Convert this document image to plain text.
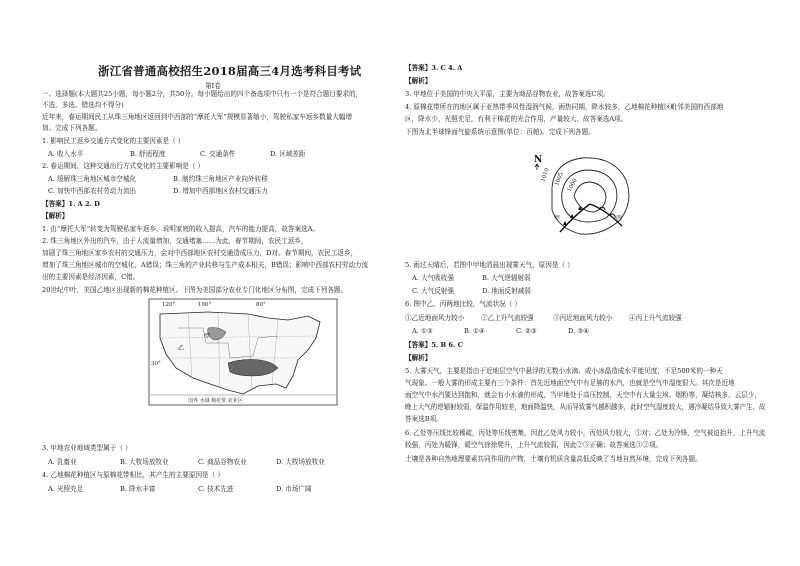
浙江省普通高校招生2018届高三4月选考科目考试
第Ⅰ卷
一、选择题(本大题共25小题，每小题2分，共50分。每小题给出的四个备选项中只有一个是符合题目要求的，
不选、多选、错选均不得分)
近年来，春运期间民工从珠三角地区返回到中西部的“摩托大军”规模显著缩小，驾驶私家车返乡数量大幅增
加。完成下列各题。
1. 影响民工返乡交通方式变化的主要因素是（ ）
A. 收入水平	B. 舒适程度	C. 交通条件	D. 区域差距
2. 春运期间，这种交通出行方式变化的主要影响是（ ）
A. 缓解珠三角地区城市空城化	B. 制约珠三角地区产业向外转移
C. 加快中西部农村劳动力流出	D. 增加中西部地区农村交通压力
【答案】1. A 2. D
【解析】
1. 由“摩托大军”转变为驾驶私家车返乡，说明家庭的收入提高，汽车的能力提高，故答案选A。
2. 珠三角地区外出的汽车，由于人流量增加，交通堵塞……为此，春节期间，农民工返乡，
加剧了珠三角地区家乡农村的交通压力，会对中西部地区农村交通造成压力，D对。春节期间，农民工返乡，
增加了珠三角地区城市的空城化，A错误；珠三角的产业转移与生产成本相关，B错误；影响中西部农村劳动力流
出的主要因素是经济因素，C错。
20世纪中叶，美国乙地区出现新的棉花种植区。下图为美国部分农业专门化地区分布图，完成下列各题。
120°	100°	80°
30°
甲
乙
国界 水域 棉花带 农业区
3. 甲地农业地域类型属于（ ）
A. 乳畜业	B. 大牧场放牧业	C. 商品谷物农业	D. 大牧场放牧业
4. 乙地棉花种植区与原棉花带相比，其产生的主要原因是（ ）
A. 光照充足	B. 降水丰富	C. 技术先进	D. 市场广阔
【答案】3. C 4. A
【解析】
3. 甲地位于美国的中央大平原，主要为商品谷物农业，故答案选C项。
4. 原棉花带所在的地区属于亚热带季风性湿润气候，雨热同期，降水较多，乙地棉花种植区毗邻美国的西部地
区，降水少，光照充足，有利于棉花的光合作用，产量较大，故答案选A项。
下图为北半球锋面气旋系统示意图(单位：百帕)。完成下列各题。
N
1010 1005 1000
甲	丙
5. 雨过天晴后，若图中甲地清晨出现雾天气，原因是（ ）
A. 大气吸收强	B. 大气逆辐射弱
C. 大气反射强	D. 地面反射减弱
6. 图中乙、丙两地比较，气流状况（ ）
①乙近地面风力较小	②乙上升气流较强	③丙近地面风力较小	④丙上升气流较强
A. ①③	B. ①④	C. ②③	D. ③④
【答案】5. B 6. C
【解析】
5. 大雾天气，主要是指由于近地层空气中悬浮的无数小水滴、或小冰晶造成水平能见度，不足500米的一种天
气现象。一般大雾的形成主要有三个条件：首先近地面空气中有足够的水汽，也就是空气中湿度很大。其次是近地
面空气中水汽要达到饱和，就会有小水滴的形成，当甲地处于高压控制，天空中有大量尘埃、烟粉等，凝结核多，云层少，
晚上大气的逆辐射较弱，保温作用较差，地面降温快，从而导致雾气越积越多，此时空气湿度较大，遇冷凝结导致大雾产生，故
答案选B项。
6. 乙处等压线比较稀疏，丙处等压线密集，因此乙处风力较小，丙处风力较大，①对；乙处为冷锋，空气被迫抬升，上升气流
较强，丙处为暖锋，暖空气徐徐爬升，上升气流较弱，因此②③正确；故答案选③②项。
土壤是各种自然地理要素共同作用的产物，土壤有机质含量高低反映了当地自然环境，完成下列各题。
